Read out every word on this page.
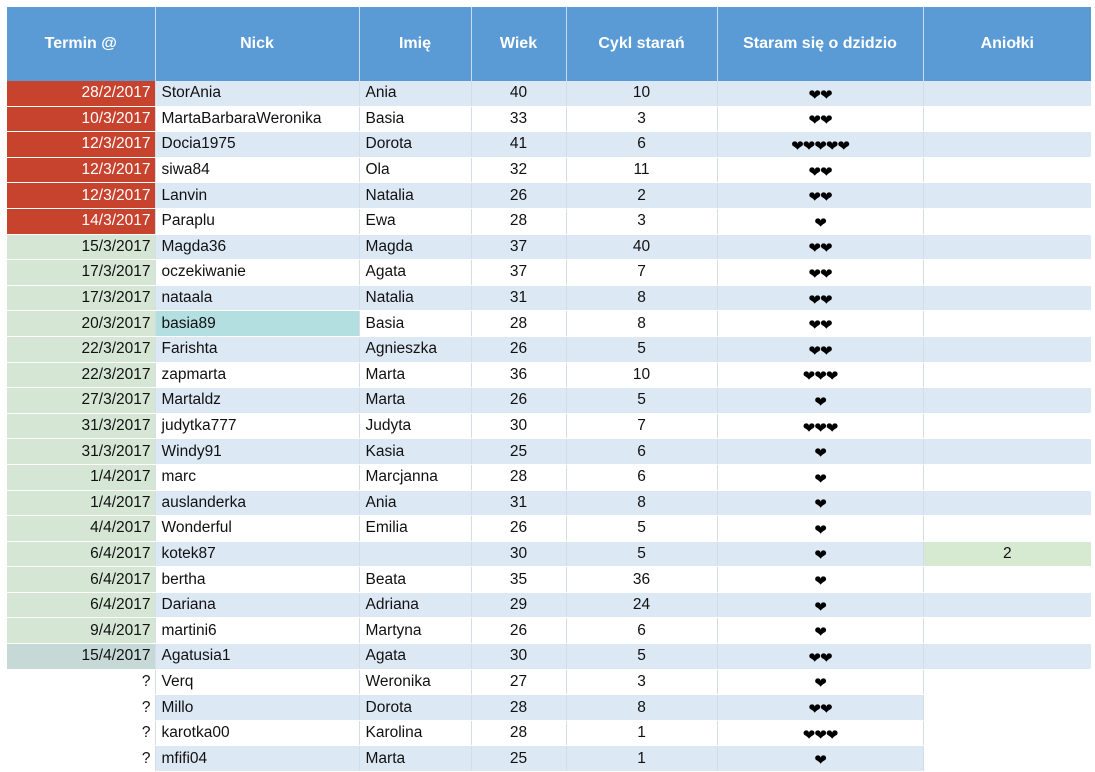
Termin @	Nick	Imię	Wiek	Cykl starań	Staram się o dzidzio	Aniołki
28/2/2017	StorAnia	Ania	40	10	❤❤	
10/3/2017	MartaBarbaraWeronika	Basia	33	3	❤❤	
12/3/2017	Docia1975	Dorota	41	6	❤❤❤❤❤	
12/3/2017	siwa84	Ola	32	11	❤❤	
12/3/2017	Lanvin	Natalia	26	2	❤❤	
14/3/2017	Paraplu	Ewa	28	3	❤	
15/3/2017	Magda36	Magda	37	40	❤❤	
17/3/2017	oczekiwanie	Agata	37	7	❤❤	
17/3/2017	nataala	Natalia	31	8	❤❤	
20/3/2017	basia89	Basia	28	8	❤❤	
22/3/2017	Farishta	Agnieszka	26	5	❤❤	
22/3/2017	zapmarta	Marta	36	10	❤❤❤	
27/3/2017	Martaldz	Marta	26	5	❤	
31/3/2017	judytka777	Judyta	30	7	❤❤❤	
31/3/2017	Windy91	Kasia	25	6	❤	
1/4/2017	marc	Marcjanna	28	6	❤	
1/4/2017	auslanderka	Ania	31	8	❤	
4/4/2017	Wonderful	Emilia	26	5	❤	
6/4/2017	kotek87		30	5	❤	2
6/4/2017	bertha	Beata	35	36	❤	
6/4/2017	Dariana	Adriana	29	24	❤	
9/4/2017	martini6	Martyna	26	6	❤	
15/4/2017	Agatusia1	Agata	30	5	❤❤	
?	Verq	Weronika	27	3	❤	
?	Millo	Dorota	28	8	❤❤	
?	karotka00	Karolina	28	1	❤❤❤	
?	mfifi04	Marta	25	1	❤	
